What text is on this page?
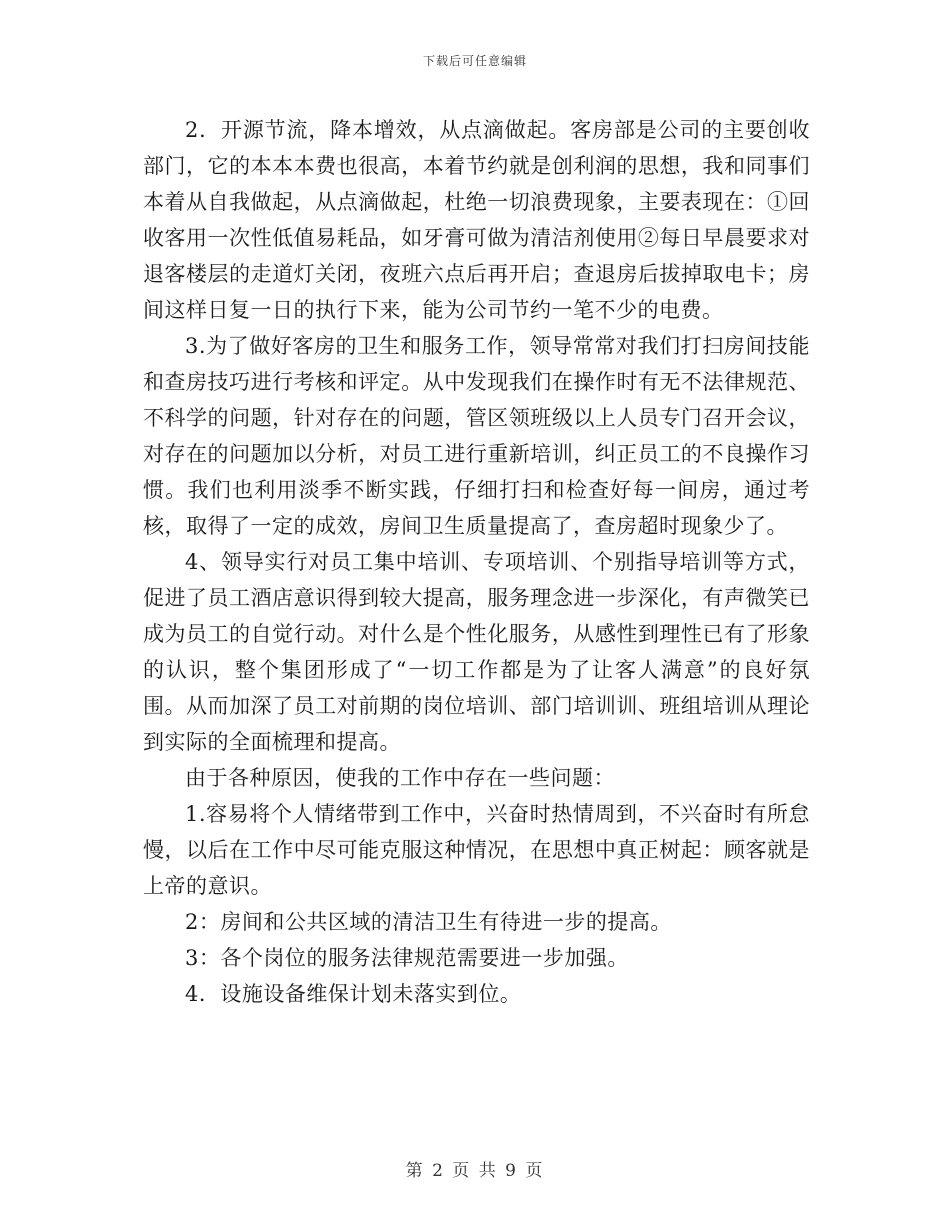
下载后可任意编辑

2．开源节流，降本增效，从点滴做起。客房部是公司的主要创收部门，它的本本本费也很高，本着节约就是创利润的思想，我和同事们本着从自我做起，从点滴做起，杜绝一切浪费现象，主要表现在：①回收客用一次性低值易耗品，如牙膏可做为清洁剂使用②每日早晨要求对退客楼层的走道灯关闭，夜班六点后再开启；查退房后拔掉取电卡；房间这样日复一日的执行下来，能为公司节约一笔不少的电费。

3.为了做好客房的卫生和服务工作，领导常常对我们打扫房间技能和查房技巧进行考核和评定。从中发现我们在操作时有无不法律规范、不科学的问题，针对存在的问题，管区领班级以上人员专门召开会议，对存在的问题加以分析，对员工进行重新培训，纠正员工的不良操作习惯。我们也利用淡季不断实践，仔细打扫和检查好每一间房，通过考核，取得了一定的成效，房间卫生质量提高了，查房超时现象少了。

4、领导实行对员工集中培训、专项培训、个别指导培训等方式，促进了员工酒店意识得到较大提高，服务理念进一步深化，有声微笑已成为员工的自觉行动。对什么是个性化服务，从感性到理性已有了形象的认识，整个集团形成了“一切工作都是为了让客人满意”的良好氛围。从而加深了员工对前期的岗位培训、部门培训训、班组培训从理论到实际的全面梳理和提高。

由于各种原因，使我的工作中存在一些问题：

1.容易将个人情绪带到工作中，兴奋时热情周到，不兴奋时有所怠慢，以后在工作中尽可能克服这种情况，在思想中真正树起：顾客就是上帝的意识。

2：房间和公共区域的清洁卫生有待进一步的提高。

3：各个岗位的服务法律规范需要进一步加强。

4．设施设备维保计划未落实到位。

第 2 页 共 9 页
